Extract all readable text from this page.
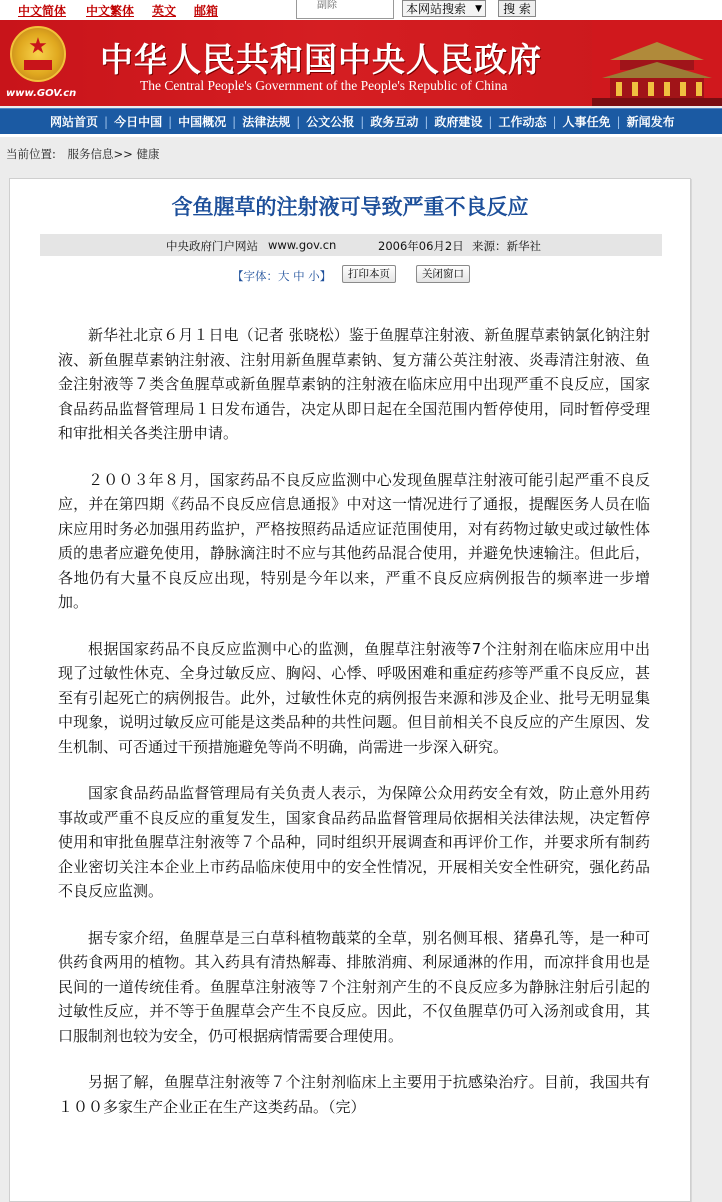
中文简体 中文繁体 英文 邮箱	副除	本网站搜索 ▼	搜 索
★
www.GOV.cn
中华人民共和国中央人民政府
The Central People's Government of the People's Republic of China
网站首页 | 今日中国 | 中国概况 | 法律法规 | 公文公报 | 政务互动 | 政府建设 | 工作动态 | 人事任免 | 新闻发布
当前位置: 服务信息>> 健康
含鱼腥草的注射液可导致严重不良反应
中央政府门户网站 www.gov.cn	2006年06月2日 来源：新华社
【字体：大 中 小】	打印本页	关闭窗口

新华社北京６月１日电（记者 张晓松）鉴于鱼腥草注射液、新鱼腥草素钠氯化钠注射液、新鱼腥草素钠注射液、注射用新鱼腥草素钠、复方蒲公英注射液、炎毒清注射液、鱼金注射液等７类含鱼腥草或新鱼腥草素钠的注射液在临床应用中出现严重不良反应，国家食品药品监督管理局１日发布通告，决定从即日起在全国范围内暂停使用，同时暂停受理和审批相关各类注册申请。

２００３年８月，国家药品不良反应监测中心发现鱼腥草注射液可能引起严重不良反应，并在第四期《药品不良反应信息通报》中对这一情况进行了通报，提醒医务人员在临床应用时务必加强用药监护，严格按照药品适应证范围使用，对有药物过敏史或过敏性体质的患者应避免使用，静脉滴注时不应与其他药品混合使用，并避免快速输注。但此后，各地仍有大量不良反应出现，特别是今年以来，严重不良反应病例报告的频率进一步增加。

根据国家药品不良反应监测中心的监测，鱼腥草注射液等7个注射剂在临床应用中出现了过敏性休克、全身过敏反应、胸闷、心悸、呼吸困难和重症药疹等严重不良反应，甚至有引起死亡的病例报告。此外，过敏性休克的病例报告来源和涉及企业、批号无明显集中现象，说明过敏反应可能是这类品种的共性问题。但目前相关不良反应的产生原因、发生机制、可否通过干预措施避免等尚不明确，尚需进一步深入研究。

国家食品药品监督管理局有关负责人表示，为保障公众用药安全有效，防止意外用药事故或严重不良反应的重复发生，国家食品药品监督管理局依据相关法律法规，决定暂停使用和审批鱼腥草注射液等７个品种，同时组织开展调查和再评价工作，并要求所有制药企业密切关注本企业上市药品临床使用中的安全性情况，开展相关安全性研究，强化药品不良反应监测。

据专家介绍，鱼腥草是三白草科植物蕺菜的全草，别名侧耳根、猪鼻孔等，是一种可供药食两用的植物。其入药具有清热解毒、排脓消痈、利尿通淋的作用，而凉拌食用也是民间的一道传统佳肴。鱼腥草注射液等７个注射剂产生的不良反应多为静脉注射后引起的过敏性反应，并不等于鱼腥草会产生不良反应。因此，不仅鱼腥草仍可入汤剂或食用，其口服制剂也较为安全，仍可根据病情需要合理使用。

另据了解，鱼腥草注射液等７个注射剂临床上主要用于抗感染治疗。目前，我国共有１００多家生产企业正在生产这类药品。（完）
